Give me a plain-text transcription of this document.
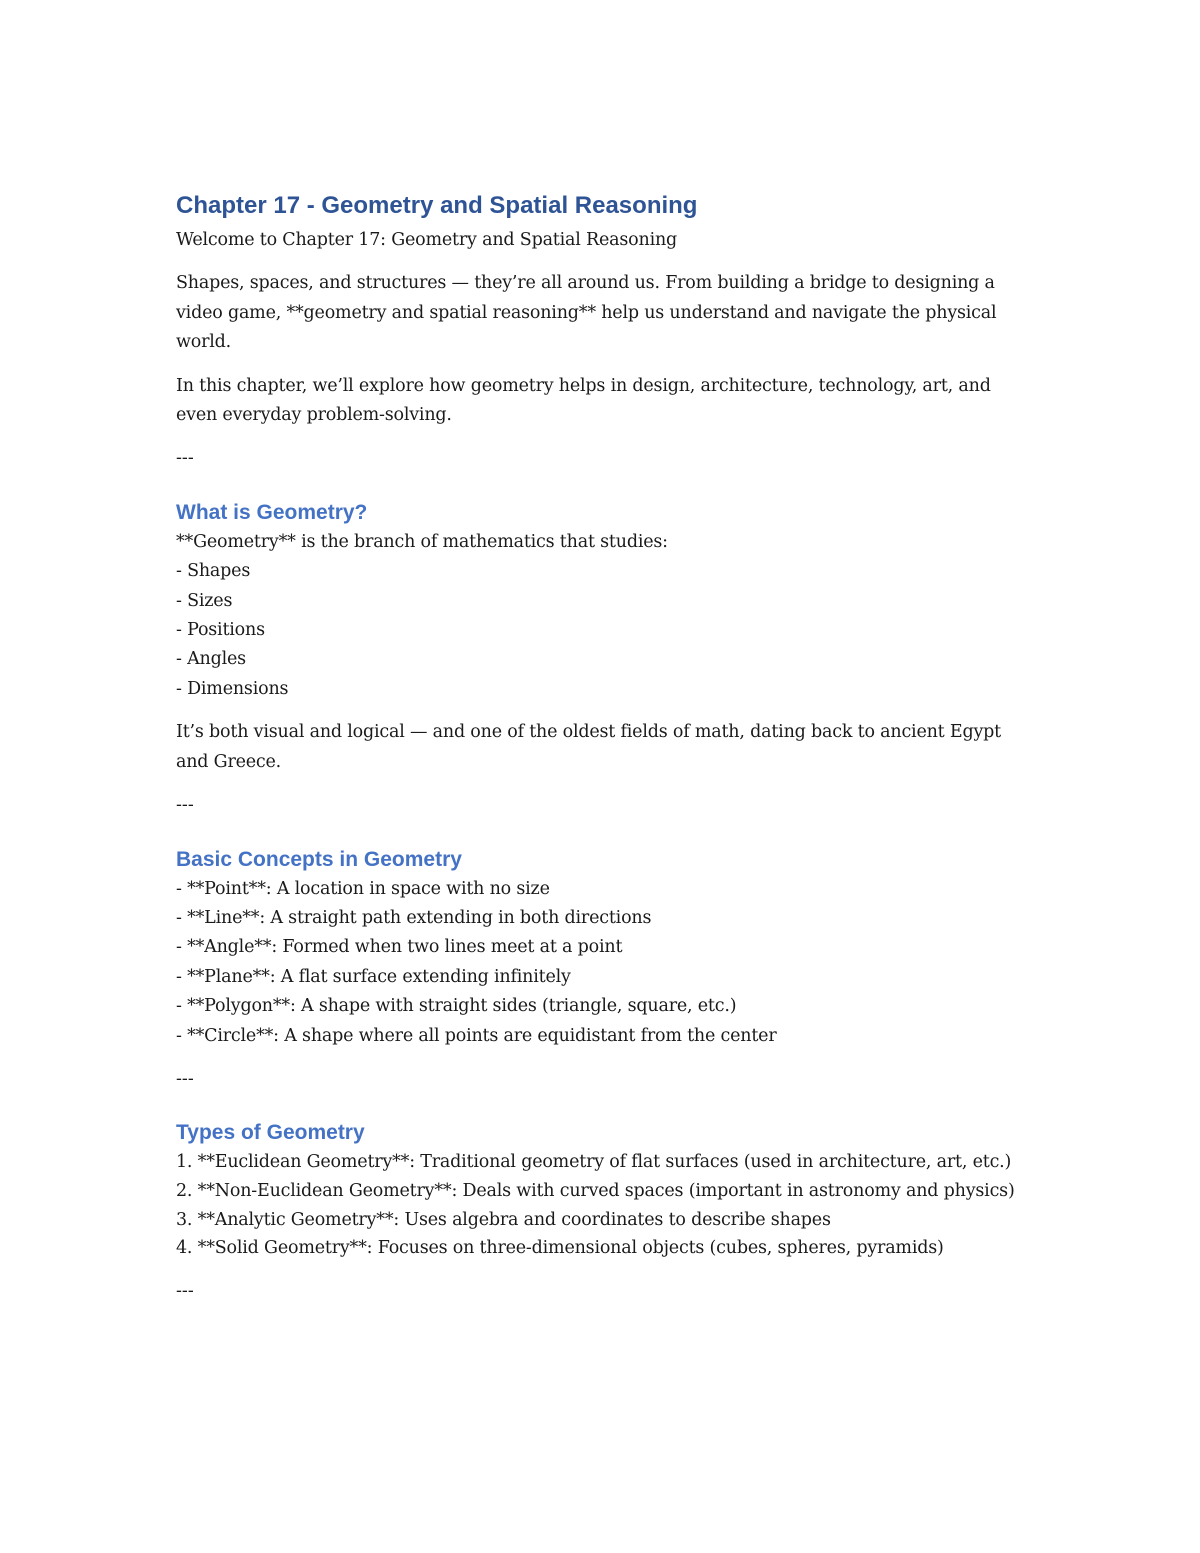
Chapter 17 - Geometry and Spatial Reasoning

Welcome to Chapter 17: Geometry and Spatial Reasoning

Shapes, spaces, and structures — they’re all around us. From building a bridge to designing a video game, **geometry and spatial reasoning** help us understand and navigate the physical world.

In this chapter, we’ll explore how geometry helps in design, architecture, technology, art, and even everyday problem-solving.

---

What is Geometry?

**Geometry** is the branch of mathematics that studies:

- Shapes

- Sizes

- Positions

- Angles

- Dimensions

It’s both visual and logical — and one of the oldest fields of math, dating back to ancient Egypt and Greece.

---

Basic Concepts in Geometry

- **Point**: A location in space with no size

- **Line**: A straight path extending in both directions

- **Angle**: Formed when two lines meet at a point

- **Plane**: A flat surface extending infinitely

- **Polygon**: A shape with straight sides (triangle, square, etc.)

- **Circle**: A shape where all points are equidistant from the center

---

Types of Geometry

1. **Euclidean Geometry**: Traditional geometry of flat surfaces (used in architecture, art, etc.)

2. **Non-Euclidean Geometry**: Deals with curved spaces (important in astronomy and physics)

3. **Analytic Geometry**: Uses algebra and coordinates to describe shapes

4. **Solid Geometry**: Focuses on three-dimensional objects (cubes, spheres, pyramids)

---
